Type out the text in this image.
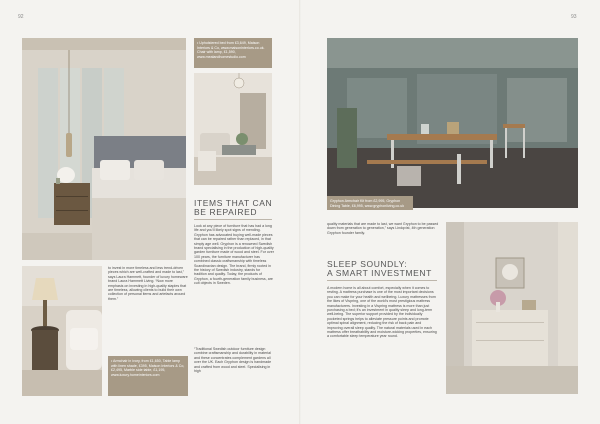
92	93
• Upholstered bed from £3,649, Maison Interiors & Co, www.maisoninteriors.co.uk. Chair with lamp, £1,590, www.mealandhomestudio.com
ITEMS THAT CAN
BE REPAIRED
Look at any piece of furniture that has had a long life and you'll likely spot signs of mending. Gryphon has advocated buying well-made pieces that can be repaired rather than replaced, in that simply age well. Gryphon is a renowned Swedish brand specialising in the production of high-quality garden furniture made of wood and steel. For over 100 years, the furniture manufacturer has combined classic craftsmanship with timeless Scandinavian design. The brand, firmly rooted in the history of Swedish industry, stands for tradition and quality. Today, the products of Gryphon, a fourth-generation family business, are cult objects in Sweden.
“Traditional Swedish outdoor furniture design combine craftsmanship and durability in material and these concentrates complement gardens all over the UK. Each Gryphon design is handmade and crafted from wood and steel. Specialising in high
to invest in more timeless and less trend-driven pieces which are well-crafted and made to last,” says Laura Hammett, founder of luxury homeware brand Laura Hammett Living. “Now more emphasis on investing in high-quality staples that are timeless, allowing clients to build their own collection of personal items and artefacts around them.”
• Armchair in ivory, from £1,650, Table lamp with linen shade, £395, Maison Interiors & Co, £2,495, Marble side table, £1,195, www.luxury.homeinteriors.com
Gryphon Armchair Kit from £2,995, Gryphon Dining Table, £6,995, www.gryphonliving.co.uk
quality materials that are made to last, we want Gryphon to be passed down from generation to generation,” says Lindqvist, 4th generation Gryphon founder family.
SLEEP SOUNDLY:
A SMART INVESTMENT
A modern home is all about comfort, especially when it comes to resting. A mattress purchase is one of the most important decisions you can make for your health and wellbeing. Luxury mattresses from the likes of Vispring, one of the world's most prestigious mattress manufacturers. Investing in a Vispring mattress is more than just purchasing a bed; it's an investment in quality sleep and long-term well-being. The superior support provided by the individually pocketed springs helps to alleviate pressure points and promote optimal spinal alignment, reducing the risk of back pain and improving overall sleep quality. The natural materials used in each mattress offer breathability and moisture-wicking properties, ensuring a comfortable sleep temperature year round.
